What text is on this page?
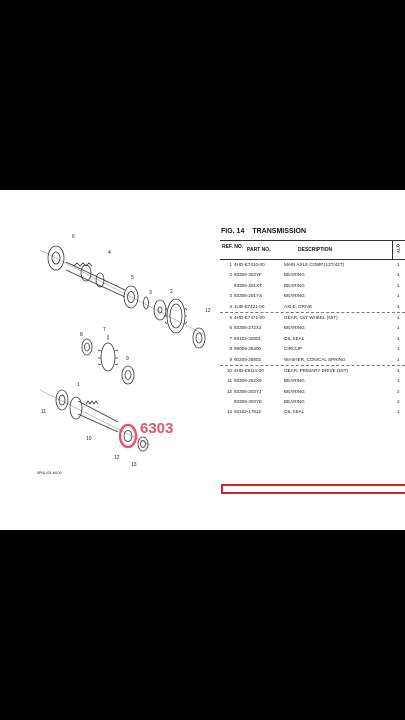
6
4
5
3	2
12
8
7
9
1
11
10
12
13
5PN1431-M100
6303
FIG. 14 TRANSMISSION
REF. NO. PART NO.	DESCRIPTION	Q'TY
1 4HD-E7410-00	MAIN AXLE COMP.(12T/42T)	1
2 93306-302YF	BEARING	1
93306-301XT	BEARING	1
3 93306-201YS	BEARING	1
4 1UB-E7421-00	AXLE, DRIVE	1
5 4HD-E7471-00	GEAR, 1ST WHEEL (45T)	1
6 93306-272X2	BEARING	1
7 93102-32801	OIL SEAL	1
8 99009-25400	CIRCLIP	1
9 90208-25802	WASHER, CONICAL SPRING	1
10 4HD-E6111-00	GEAR, PRIMARY DRIVE (16T)	1
11 93306-252X9	BEARING	1
12 93306-303YJ	BEARING	2
93306-303YE	BEARING	2
13 93102-17812	OIL SEAL	1
